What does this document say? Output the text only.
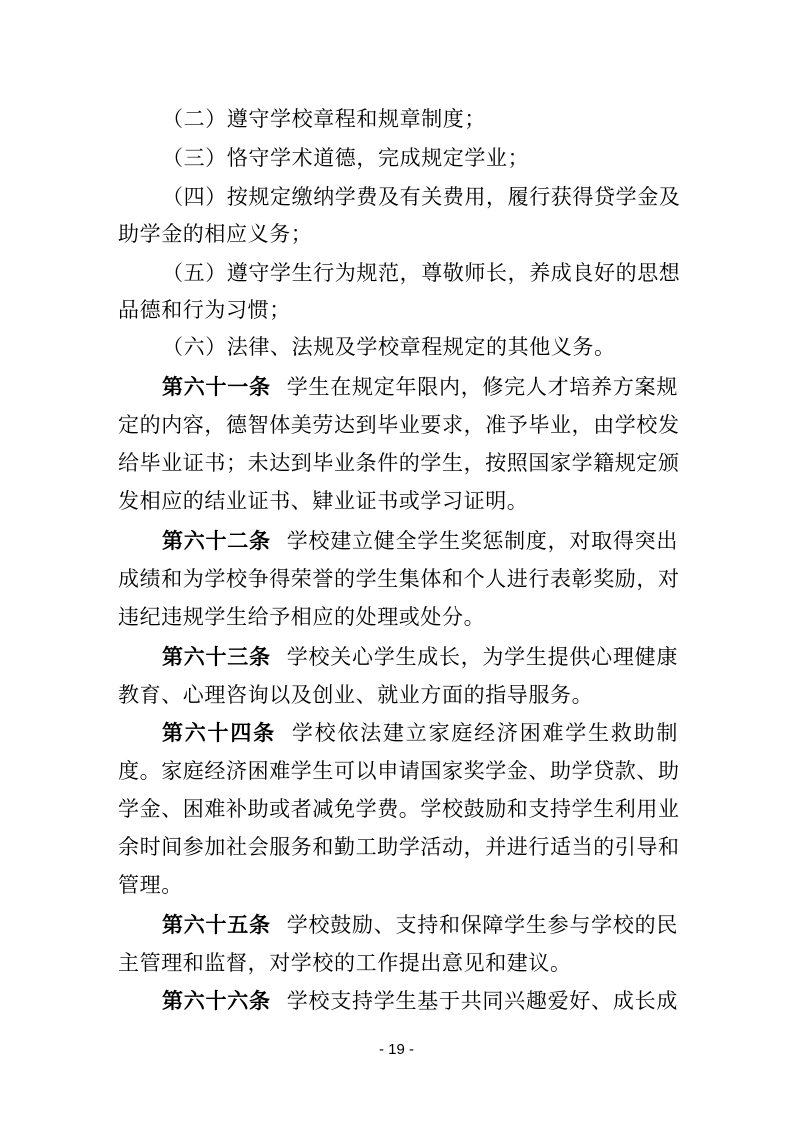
（二）遵守学校章程和规章制度；
（三）恪守学术道德，完成规定学业；
（四）按规定缴纳学费及有关费用，履行获得贷学金及
助学金的相应义务；
（五）遵守学生行为规范，尊敬师长，养成良好的思想
品德和行为习惯；
（六）法律、法规及学校章程规定的其他义务。
第六十一条 学生在规定年限内，修完人才培养方案规
定的内容，德智体美劳达到毕业要求，准予毕业，由学校发
给毕业证书；未达到毕业条件的学生，按照国家学籍规定颁
发相应的结业证书、肄业证书或学习证明。
第六十二条 学校建立健全学生奖惩制度，对取得突出
成绩和为学校争得荣誉的学生集体和个人进行表彰奖励，对
违纪违规学生给予相应的处理或处分。
第六十三条 学校关心学生成长，为学生提供心理健康
教育、心理咨询以及创业、就业方面的指导服务。
第六十四条 学校依法建立家庭经济困难学生救助制
度。家庭经济困难学生可以申请国家奖学金、助学贷款、助
学金、困难补助或者减免学费。学校鼓励和支持学生利用业
余时间参加社会服务和勤工助学活动，并进行适当的引导和
管理。
第六十五条 学校鼓励、支持和保障学生参与学校的民
主管理和监督，对学校的工作提出意见和建议。
第六十六条 学校支持学生基于共同兴趣爱好、成长成
- 19 -
